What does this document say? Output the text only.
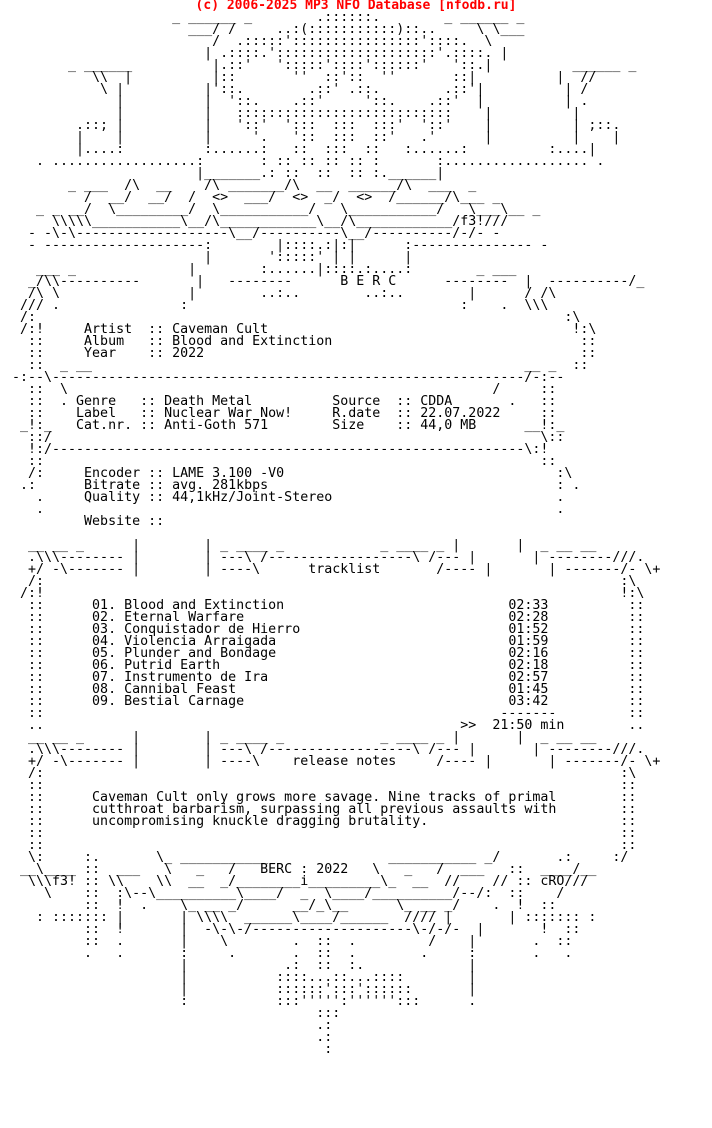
(c) 2006-2025 MP3 NFO Database [nfodb.ru]
_ ______ _        .::::::.        _ ______ _
___/ /     ..:(:::::::::::)::..     \ \___
/  .:::::'::::::::::::::::'::::.  \
| .::::.'::::::::::::::::::::'.::::. |
_ ______          |.::'   ':::::'::::'::::::'   '::.|          ______ _
\\  |          |::       ''  ::'::  ''       ::|          |  //
\ |          |'::.        .::' .::.        .::'|          | /
|          |  '::.    .::'     '::.    .::'  |          | .
|          |   :::::::::::::::::::::::::::    |          |
.::; |          |   '::'  ':::  :::  :::'  '::'    |          | ;::.
|    |          |     '.   '::  :::  ::'   .'      |          |    |
|....:          :......:   ::  :::  ::   :......:          :....|
. ..................:       : :: :: :: :: :       :.................. .
|_______.: ::  ::  :: :.______|
_ ___  /\  __    /\ _______/\  __  ______/\  ___  _
/  __/  __/  /  <>  ___/  <>  _/  <>  /______/\___ _
_ _ __/  \_________/  \___________/   \___________/   \___\__ _
\\\\\___________\__/\____________\__/\____________/f3!///
- -\-\-------------------\__/----------\__/----------/-/- -
- --------------------:        |::::.:|:|      :--------------- -
|       ':::::' | |      |
___ _              |        :......|::::.:....:        _ ___
_/\\----------       |   --------      B E R C      --------  |  ----------/_
/\ \                |        ..:..        ..:..        |      / /\
/// .               :                                  :    .  \\\
/:                                                                  :\
/:!     Artist  :: Caveman Cult                                      !:\
::     Album   :: Blood and Extinction                               ::
::     Year    :: 2022                                               ::
::  _ __                                                      __ _  ::
-:--\-----------------------------------------------------------/-:--
::  \                                                     /     ::
::  . Genre   :: Death Metal          Source  :: CDDA       .   ::
::    Label   :: Nuclear War Now!     R.date  :: 22.07.2022     ::
_!:_   Cat.nr. :: Anti-Goth 571        Size    :: 44,0 MB      __!:_
::/                                                             \::
!:/-----------------------------------------------------------\:!
::                                                              ::
/:     Encoder :: LAME 3.100 -V0                                  :\
.:      Bitrate :: avg. 281kbps                                    : .
.     Quality :: 44,1kHz/Joint-Stereo                            .
.                                                                .
Website ::

__ __ _      |        | _ ____ _            _ ____ _ |       |  _ __ __
.\\\-------- |        | ---\ /------------------\ /--- |       | --------///.
+/ -\------- |        | ----\      tracklist       /---- |       | -------/- \+
/:                                                                        :\
/:!                                                                        !:\
::      01. Blood and Extinction                            02:33          ::
::      02. Eternal Warfare                                 02:28          ::
::      03. Conquistador de Hierro                          01:52          ::
::      04. Violencia Arraigada                             01:59          ::
::      05. Plunder and Bondage                             02:16          ::
::      06. Putrid Earth                                    02:18          ::
::      07. Instrumento de Ira                              02:57          ::
::      08. Cannibal Feast                                  01:45          ::
::      09. Bestial Carnage                                 03:42          ::
::                                                         -------         ::
..                                                    >>  21:50 min        ..
__ __ _      |        | _ ____ _            _ ____ _ |       |  _ __ __
.\\\-------- |        | ---\ /------------------\ /--- |       | --------///.
+/ -\------- |        | ----\    release notes     /---- |       | -------/- \+
/:                                                                        :\
::                                                                        ::
::      Caveman Cult only grows more savage. Nine tracks of primal        ::
::      cutthroat barbarism, surpassing all previous assaults with        ::
::      uncompromising knuckle dragging brutality.                        ::
::                                                                        ::
::                                                                        ::
\:     :.       \_ ___________               ___________ _/       .:     :/
__\____ ::  ___   \   _   /   BERC : 2022   \   _   /  ___   ::  ____/__
\\\f3! :: \\    \\  __  _/________i_________\_  __  //    // :: cRO///
\    ::  :\--\__________\____/  _  \____/__________/--/:  ::    /
::  !  .    \_ __ _/      __/_\__      \_ __ _/    .  !  ::
: ::::::: |       | \\\\  ______\____/______  //// |       | ::::::: :
::  !       |  -\-\-/--------------------\-/-/-  |       !  ::
::  .       |    \        .  ::  .         /    |       .  ::
.   .       :     .       .  ::  .        .     :       .   .
|            .:  ::  :.             |
|           ::::...::...::::        |
|           ::::::':::'::::::       |
:           :::''''':'''''':::      .
:::
.:
.:
:
